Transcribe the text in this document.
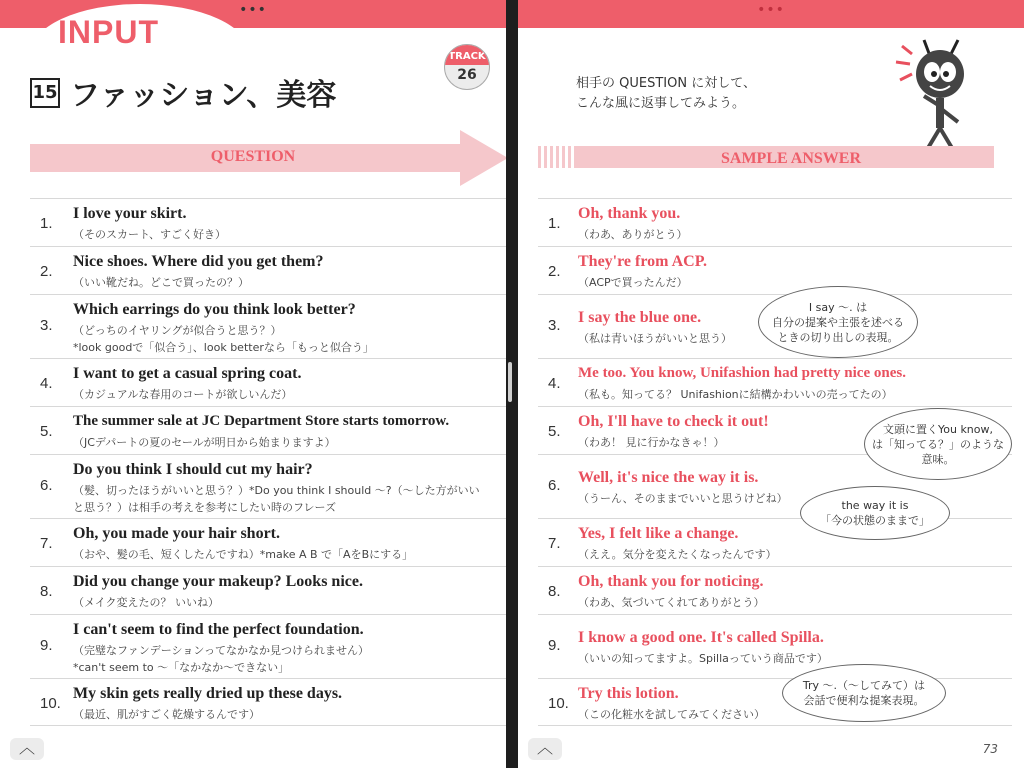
•••
INPUT
TRACK
26
15 ファッション、美容
QUESTION
1.
I love your skirt.
（そのスカート、すごく好き）
2.
Nice shoes. Where did you get them?
（いい靴だね。どこで買ったの？）
3.
Which earrings do you think look better?
（どっちのイヤリングが似合うと思う？）
*look goodで「似合う」、look betterなら「もっと似合う」
4.
I want to get a casual spring coat.
（カジュアルな春用のコートが欲しいんだ）
5.
The summer sale at JC Department Store starts tomorrow.
（JCデパートの夏のセールが明日から始まりますよ）
6.
Do you think I should cut my hair?
（髪、切ったほうがいいと思う？）*Do you think I should ～?（～した方がいい
と思う？）は相手の考えを参考にしたい時のフレーズ
7.
Oh, you made your hair short.
（おや、髪の毛、短くしたんですね）*make A B で「AをBにする」
8.
Did you change your makeup? Looks nice.
（メイク変えたの？ いいね）
9.
I can't seem to find the perfect foundation.
（完璧なファンデーションってなかなか見つけられません）
*can't seem to ～「なかなか～できない」
10.
My skin gets really dried up these days.
（最近、肌がすごく乾燥するんです）
︿
•••
相手の QUESTION に対して、
こんな風に返事してみよう。
SAMPLE ANSWER
1.
Oh, thank you.
（わあ、ありがとう）
2.
They're from ACP.
（ACPで買ったんだ）
3. I say the blue one.
（私は青いほうがいいと思う）
4.
Me too. You know, Unifashion had pretty nice ones.
（私も。知ってる？ Unifashionに結構かわいいの売ってたの）
5.
Oh, I'll have to check it out!
（わあ！ 見に行かなきゃ！）
6. Well, it's nice the way it is.
（うーん、そのままでいいと思うけどね）
7.
Yes, I felt like a change.
（ええ。気分を変えたくなったんです）
8.
Oh, thank you for noticing.
（わあ、気づいてくれてありがとう）
9. I know a good one. It's called Spilla.
（いいの知ってますよ。Spillaっていう商品です）
10.
Try this lotion.
（この化粧水を試してみてください）
I say ～. は
自分の提案や主張を述べる
ときの切り出しの表現。
文頭に置くYou know,
は「知ってる？」のような
意味。
the way it is
「今の状態のままで」
Try ～.（～してみて）は
会話で便利な提案表現。
︿	73
